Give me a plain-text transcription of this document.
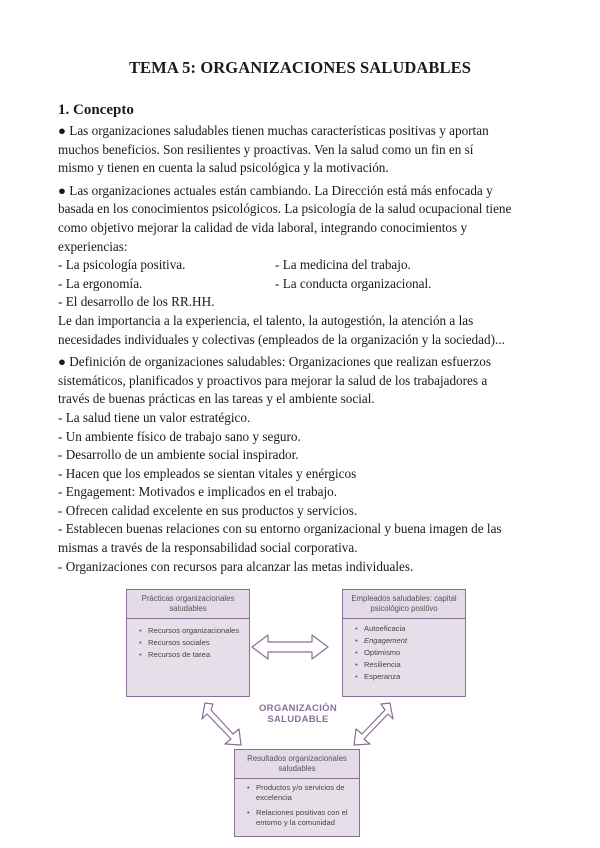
TEMA 5: ORGANIZACIONES SALUDABLES
1. Concepto

● Las organizaciones saludables tienen muchas características positivas y aportan
muchos beneficios. Son resilientes y proactivas. Ven la salud como un fin en sí
mismo y tienen en cuenta la salud psicológica y la motivación.

● Las organizaciones actuales están cambiando. La Dirección está más enfocada y
basada en los conocimientos psicológicos. La psicología de la salud ocupacional tiene
como objetivo mejorar la calidad de vida laboral, integrando conocimientos y
experiencias:

- La psicología positiva.
- La ergonomía.
- El desarrollo de los RR.HH.
- La medicina del trabajo.
- La conducta organizacional.

Le dan importancia a la experiencia, el talento, la autogestión, la atención a las
necesidades individuales y colectivas (empleados de la organización y la sociedad)...

● Definición de organizaciones saludables: Organizaciones que realizan esfuerzos
sistemáticos, planificados y proactivos para mejorar la salud de los trabajadores a
través de buenas prácticas en las tareas y el ambiente social.

- La salud tiene un valor estratégico.
- Un ambiente físico de trabajo sano y seguro.
- Desarrollo de un ambiente social inspirador.
- Hacen que los empleados se sientan vitales y enérgicos
- Engagement: Motivados e implicados en el trabajo.
- Ofrecen calidad excelente en sus productos y servicios.
- Establecen buenas relaciones con su entorno organizacional y buena imagen de las
mismas a través de la responsabilidad social corporativa.
- Organizaciones con recursos para alcanzar las metas individuales.
Prácticas organizacionales
saludables
• Recursos organizacionales
• Recursos sociales
• Recursos de tarea
Empleados saludables: capital
psicológico positivo
• Autoeficacia
• Engagement
• Optimismo
• Resiliencia
• Esperanza
ORGANIZACIÓN
SALUDABLE
Resultados organizacionales
saludables
• Productos y/o servicios de excelencia
• Relaciones positivas con el entorno y la comunidad
